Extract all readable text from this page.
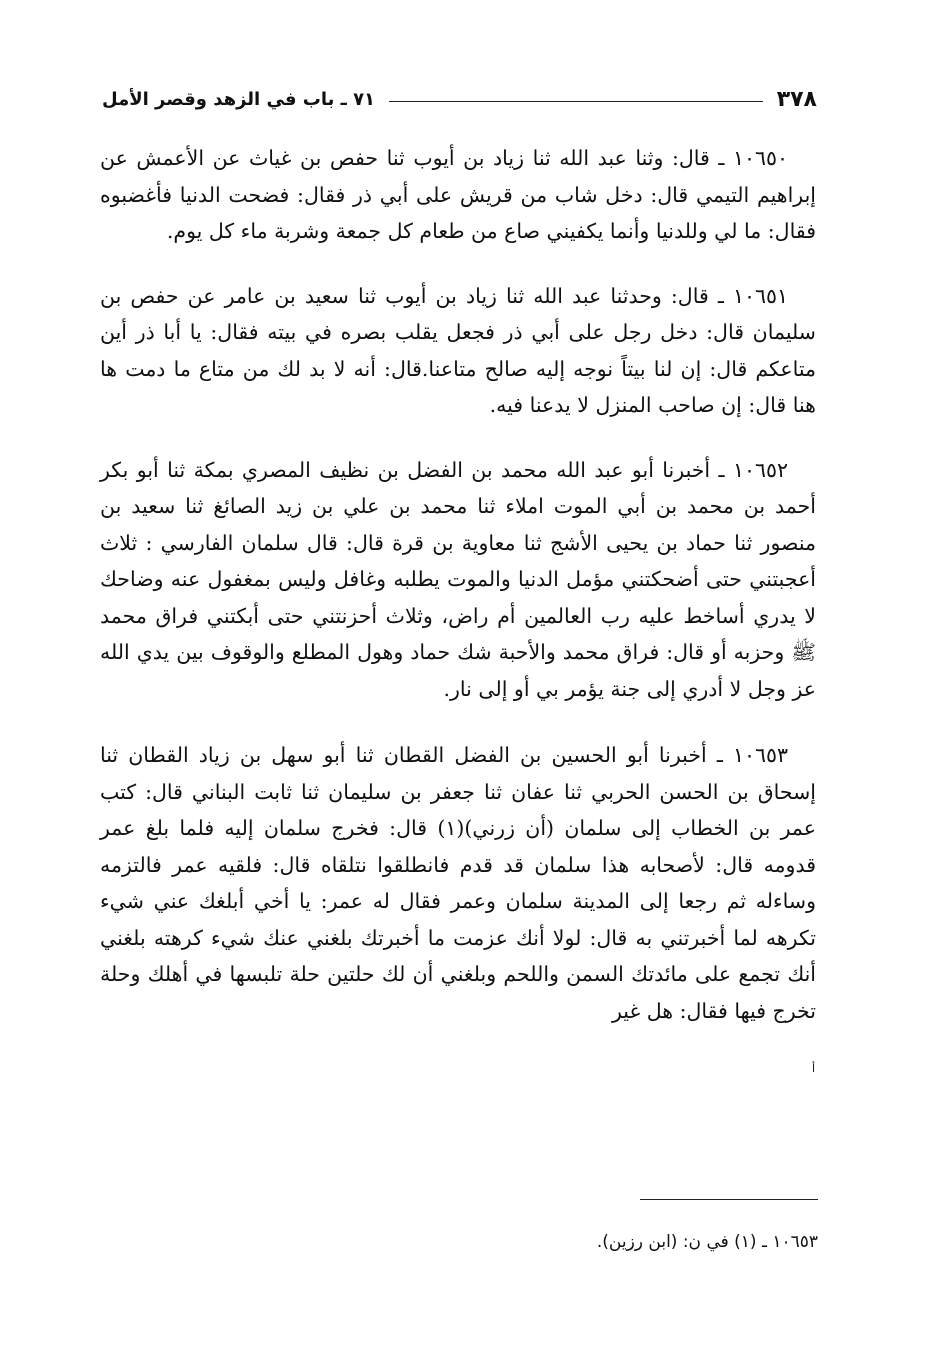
٣٧٨
٧١ ـ باب في الزهد وقصر الأمل

١٠٦٥٠ ـ قال: وثنا عبد الله ثنا زياد بن أيوب ثنا حفص بن غياث عن الأعمش عن إبراهيم التيمي قال: دخل شاب من قريش على أبي ذر فقال: فضحت الدنيا فأغضبوه فقال: ما لي وللدنيا وأنما يكفيني صاع من طعام كل جمعة وشربة ماء كل يوم.

١٠٦٥١ ـ قال: وحدثنا عبد الله ثنا زياد بن أيوب ثنا سعيد بن عامر عن حفص بن سليمان قال: دخل رجل على أبي ذر فجعل يقلب بصره في بيته فقال: يا أبا ذر أين متاعكم قال: إن لنا بيتاً نوجه إليه صالح متاعنا.قال: أنه لا بد لك من متاع ما دمت ها هنا قال: إن صاحب المنزل لا يدعنا فيه.

١٠٦٥٢ ـ أخبرنا أبو عبد الله محمد بن الفضل بن نظيف المصري بمكة ثنا أبو بكر أحمد بن محمد بن أبي الموت املاء ثنا محمد بن علي بن زيد الصائغ ثنا سعيد بن منصور ثنا حماد بن يحيى الأشج ثنا معاوية بن قرة قال: قال سلمان الفارسي : ثلاث أعجبتني حتى أضحكتني مؤمل الدنيا والموت يطلبه وغافل وليس بمغفول عنه وضاحك لا يدري أساخط عليه رب العالمين أم راض، وثلاث أحزنتني حتى أبكتني فراق محمد ﷺ وحزبه أو قال: فراق محمد والأحبة شك حماد وهول المطلع والوقوف بين يدي الله عز وجل لا أدري إلى جنة يؤمر بي أو إلى نار.

١٠٦٥٣ ـ أخبرنا أبو الحسين بن الفضل القطان ثنا أبو سهل بن زياد القطان ثنا إسحاق بن الحسن الحربي ثنا عفان ثنا جعفر بن سليمان ثنا ثابت البناني قال: كتب عمر بن الخطاب إلى سلمان (أن زرني)(١) قال: فخرج سلمان إليه فلما بلغ عمر قدومه قال: لأصحابه هذا سلمان قد قدم فانطلقوا نتلقاه قال: فلقيه عمر فالتزمه وساءله ثم رجعا إلى المدينة سلمان وعمر فقال له عمر: يا أخي أبلغك عني شيء تكرهه لما أخبرتني به قال: لولا أنك عزمت ما أخبرتك بلغني عنك شيء كرهته بلغني أنك تجمع على مائدتك السمن واللحم وبلغني أن لك حلتين حلة تلبسها في أهلك وحلة تخرج فيها فقال: هل غير

أ
١٠٦٥٣ ـ (١) في ن: (ابن رزين).
